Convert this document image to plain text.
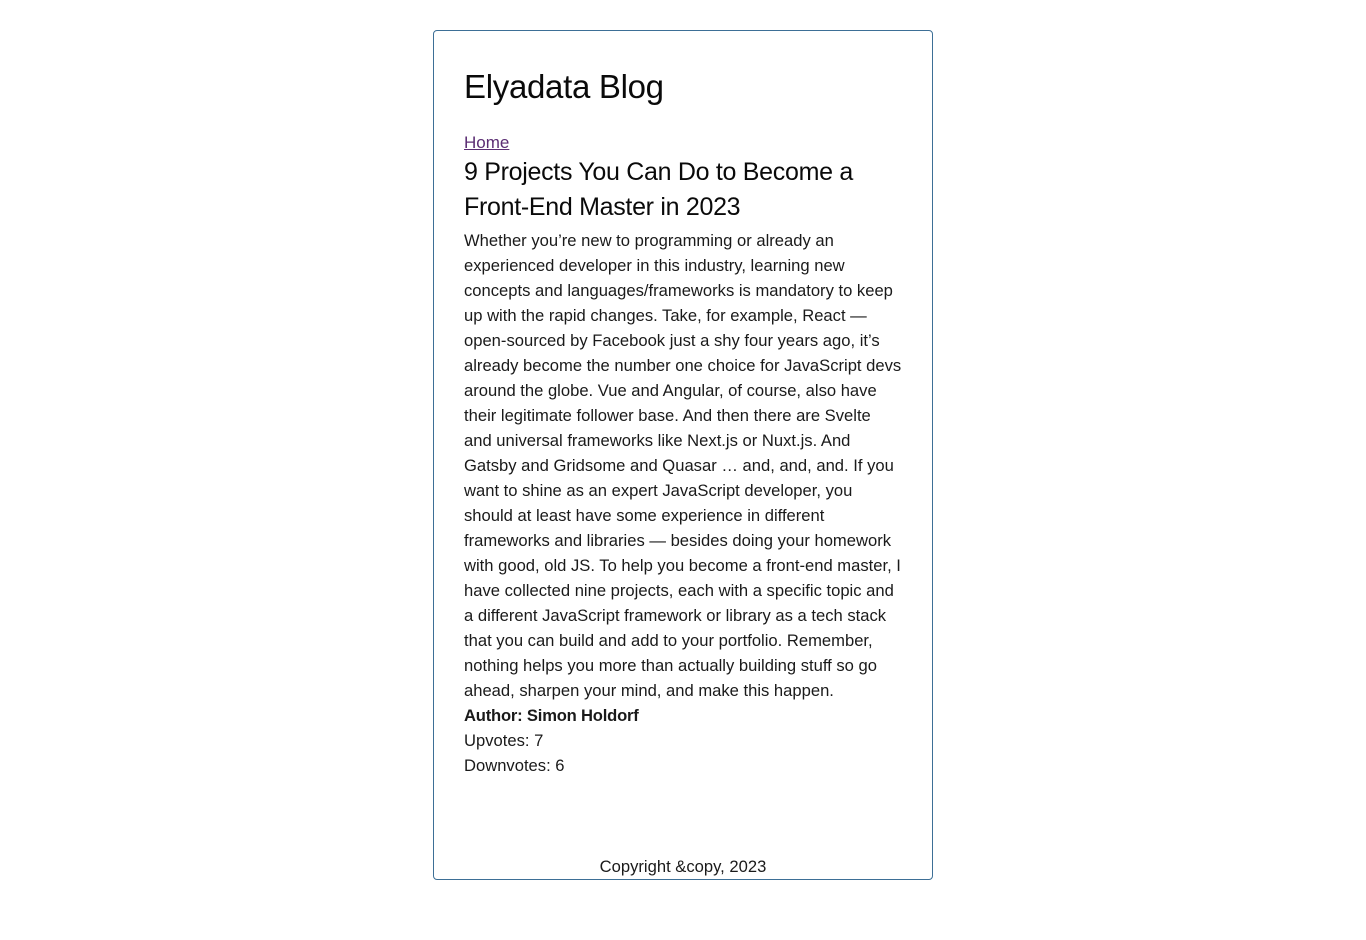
Elyadata Blog
Home
9 Projects You Can Do to Become a Front-End Master in 2023

Whether you’re new to programming or already an experienced developer in this industry, learning new concepts and languages/frameworks is mandatory to keep up with the rapid changes. Take, for example, React — open-sourced by Facebook just a shy four years ago, it’s already become the number one choice for JavaScript devs around the globe. Vue and Angular, of course, also have their legitimate follower base. And then there are Svelte and universal frameworks like Next.js or Nuxt.js. And Gatsby and Gridsome and Quasar … and, and, and. If you want to shine as an expert JavaScript developer, you should at least have some experience in different frameworks and libraries — besides doing your homework with good, old JS. To help you become a front-end master, I have collected nine projects, each with a specific topic and a different JavaScript framework or library as a tech stack that you can build and add to your portfolio. Remember, nothing helps you more than actually building stuff so go ahead, sharpen your mind, and make this happen.

Author: Simon Holdorf
Upvotes: 7
Downvotes: 6
Copyright &copy, 2023
